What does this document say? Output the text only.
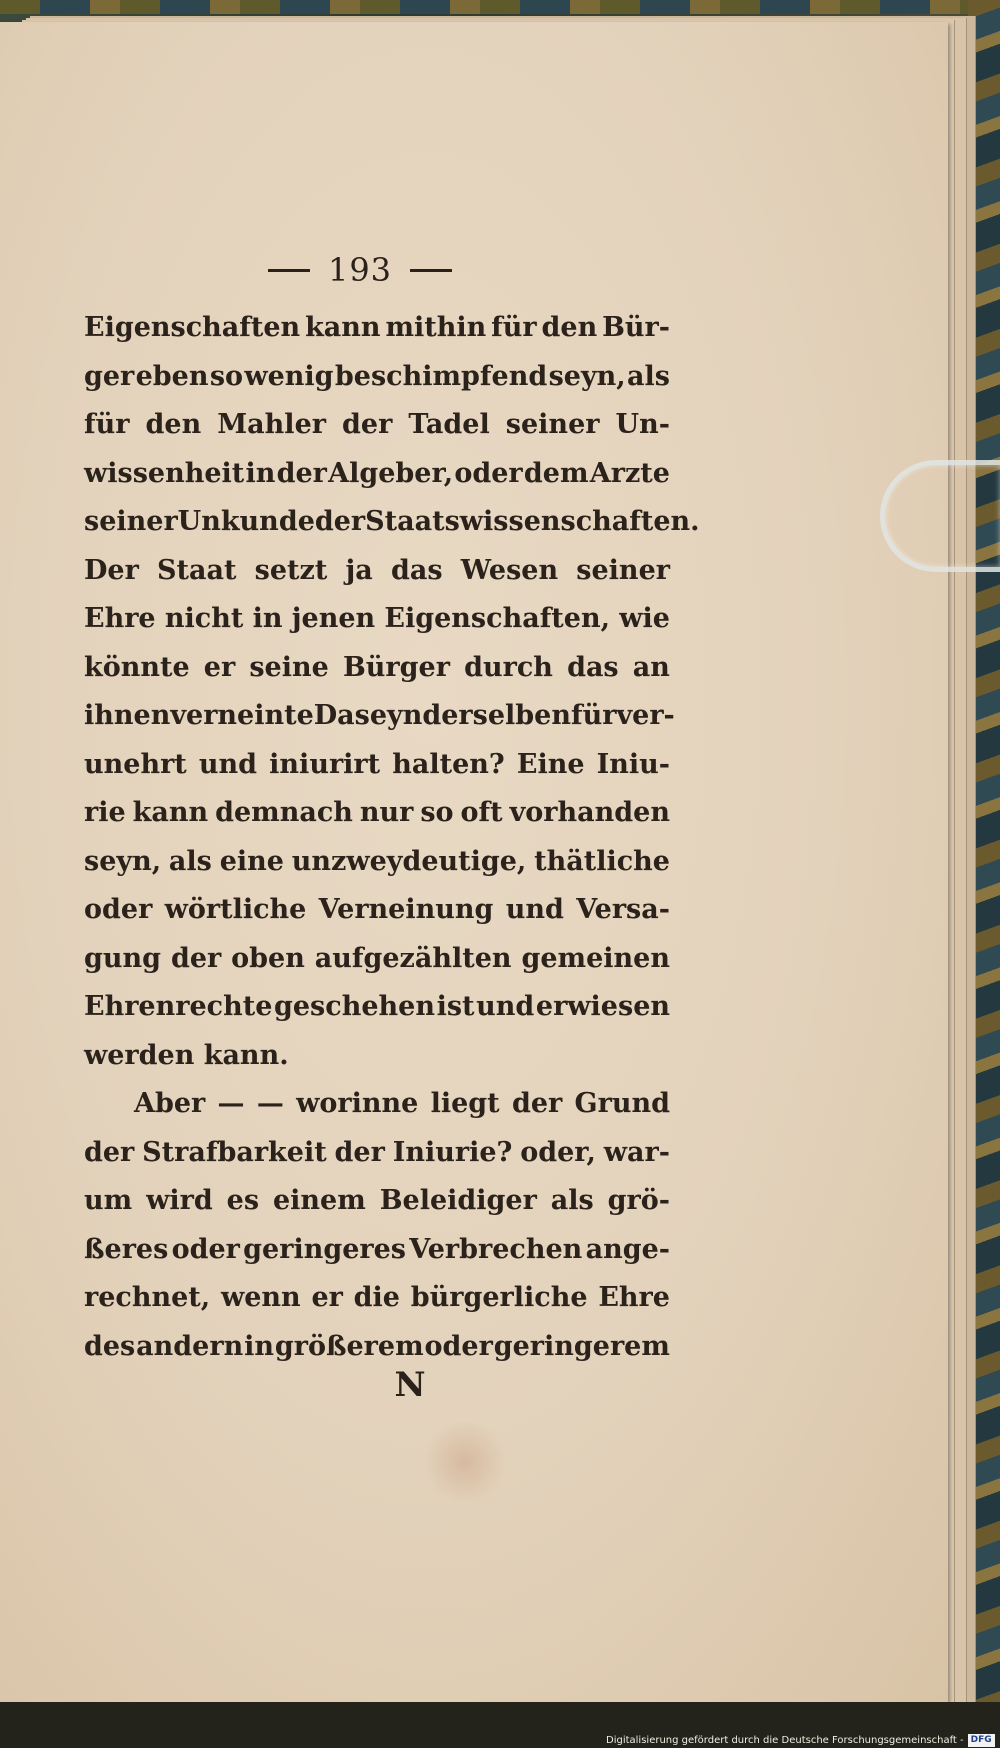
193
Eigenschaften kann mithin für den Bür-
ger eben so wenig beschimpfend seyn, als
für den Mahler der Tadel seiner Un-
wissenheit in der Algeber, oder dem Arzte
seiner Unkunde der Staatswissenschaften.
Der Staat setzt ja das Wesen seiner
Ehre nicht in jenen Eigenschaften, wie
könnte er seine Bürger durch das an
ihnen verneinte Daseyn derselben für ver-
unehrt und iniurirt halten? Eine Iniu-
rie kann demnach nur so oft vorhanden
seyn, als eine unzweydeutige, thätliche
oder wörtliche Verneinung und Versa-
gung der oben aufgezählten gemeinen
Ehrenrechte geschehen ist und erwiesen
werden kann.
Aber — — worinne liegt der Grund
der Strafbarkeit der Iniurie? oder, war-
um wird es einem Beleidiger als grö-
ßeres oder geringeres Verbrechen ange-
rechnet, wenn er die bürgerliche Ehre
des andern in größerem oder geringerem
N
Digitalisierung gefördert durch die Deutsche Forschungsgemeinschaft - DFG
